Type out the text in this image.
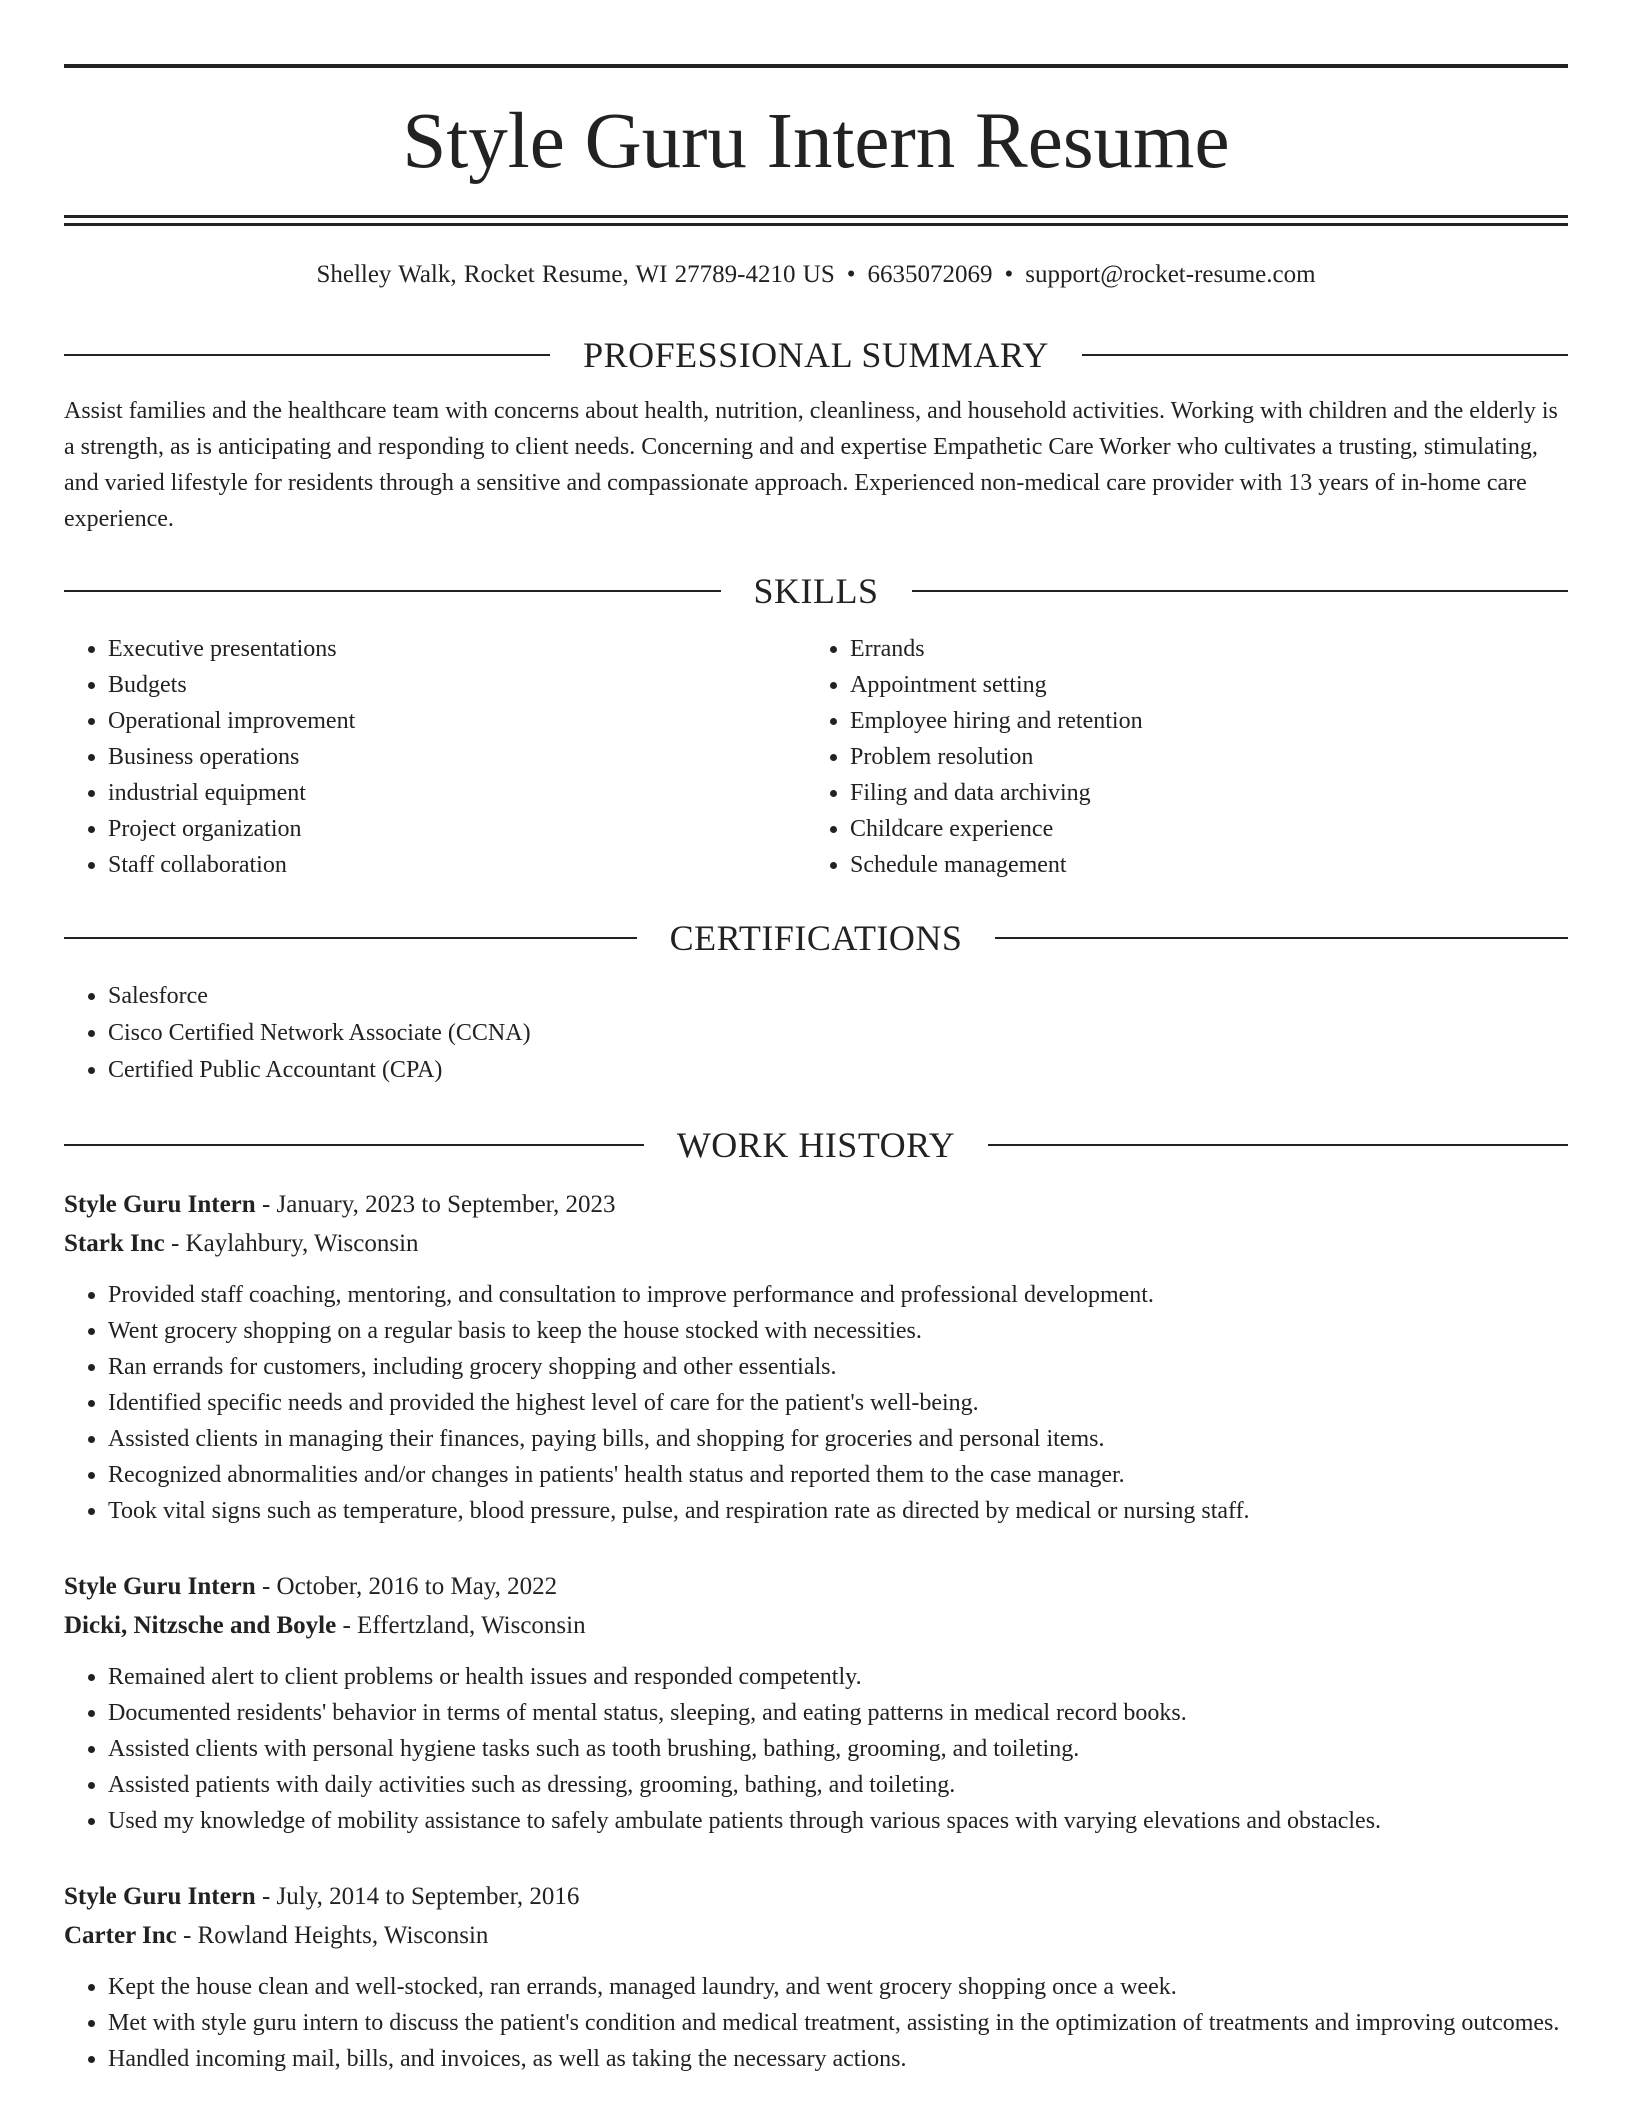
Style Guru Intern Resume
Shelley Walk, Rocket Resume, WI 27789-4210 US • 6635072069 • support@rocket-resume.com
PROFESSIONAL SUMMARY

Assist families and the healthcare team with concerns about health, nutrition, cleanliness, and household activities. Working with children and the elderly is a strength, as is anticipating and responding to client needs. Concerning and and expertise Empathetic Care Worker who cultivates a trusting, stimulating, and varied lifestyle for residents through a sensitive and compassionate approach. Experienced non-medical care provider with 13 years of in-home care experience.

SKILLS
• Executive presentations
• Budgets
• Operational improvement
• Business operations
• industrial equipment
• Project organization
• Staff collaboration
• Errands
• Appointment setting
• Employee hiring and retention
• Problem resolution
• Filing and data archiving
• Childcare experience
• Schedule management
CERTIFICATIONS
• Salesforce
• Cisco Certified Network Associate (CCNA)
• Certified Public Accountant (CPA)
WORK HISTORY
Style Guru Intern - January, 2023 to September, 2023
Stark Inc - Kaylahbury, Wisconsin
• Provided staff coaching, mentoring, and consultation to improve performance and professional development.
• Went grocery shopping on a regular basis to keep the house stocked with necessities.
• Ran errands for customers, including grocery shopping and other essentials.
• Identified specific needs and provided the highest level of care for the patient's well-being.
• Assisted clients in managing their finances, paying bills, and shopping for groceries and personal items.
• Recognized abnormalities and/or changes in patients' health status and reported them to the case manager.
• Took vital signs such as temperature, blood pressure, pulse, and respiration rate as directed by medical or nursing staff.
Style Guru Intern - October, 2016 to May, 2022
Dicki, Nitzsche and Boyle - Effertzland, Wisconsin
• Remained alert to client problems or health issues and responded competently.
• Documented residents' behavior in terms of mental status, sleeping, and eating patterns in medical record books.
• Assisted clients with personal hygiene tasks such as tooth brushing, bathing, grooming, and toileting.
• Assisted patients with daily activities such as dressing, grooming, bathing, and toileting.
• Used my knowledge of mobility assistance to safely ambulate patients through various spaces with varying elevations and obstacles.
Style Guru Intern - July, 2014 to September, 2016
Carter Inc - Rowland Heights, Wisconsin
• Kept the house clean and well-stocked, ran errands, managed laundry, and went grocery shopping once a week.
• Met with style guru intern to discuss the patient's condition and medical treatment, assisting in the optimization of treatments and improving outcomes.
• Handled incoming mail, bills, and invoices, as well as taking the necessary actions.
